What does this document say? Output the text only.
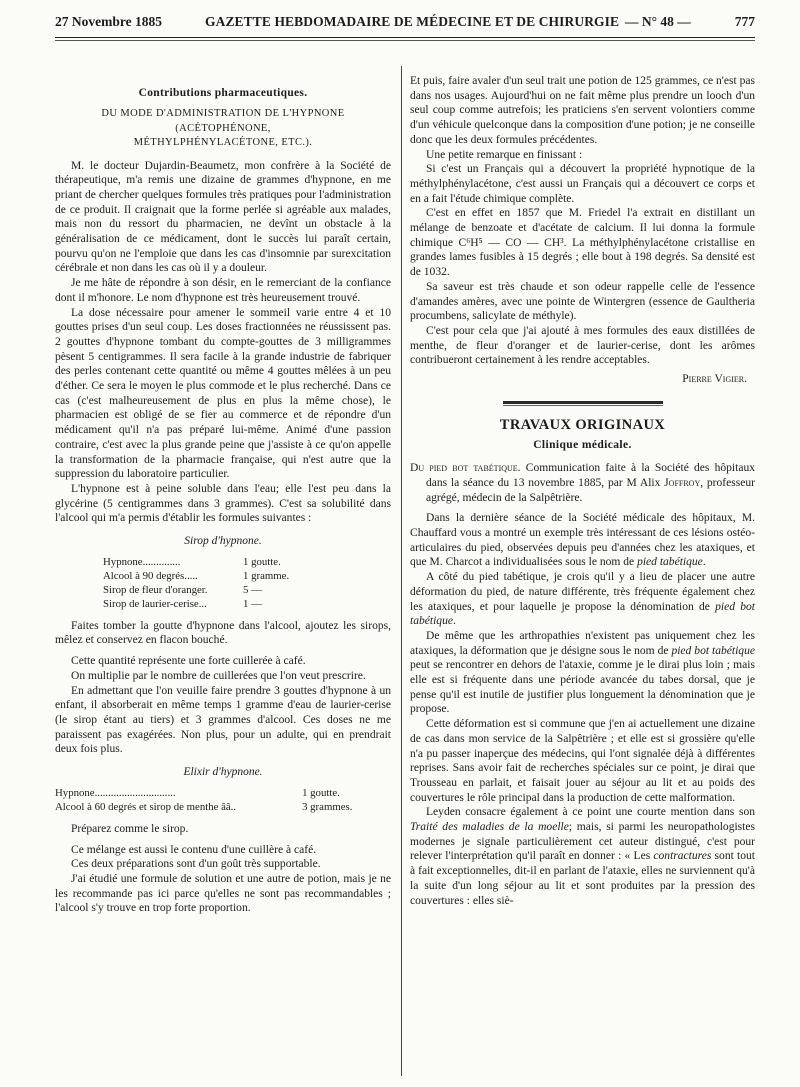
27 Novembre 1885	GAZETTE HEBDOMADAIRE DE MÉDECINE ET DE CHIRURGIE — N° 48 —	777
Contributions pharmaceutiques.
DU MODE D'ADMINISTRATION DE L'HYPNONE (ACÉTOPHÉNONE,
MÉTHYLPHÉNYLACÉTONE, ETC.).

M. le docteur Dujardin-Beaumetz, mon confrère à la Société de thérapeutique, m'a remis une dizaine de grammes d'hypnone, en me priant de chercher quelques formules très pratiques pour l'administration de ce produit. Il craignait que la forme perlée si agréable aux malades, mais non du ressort du pharmacien, ne devînt un obstacle à la généralisation de ce médicament, dont le succès lui paraît certain, pourvu qu'on ne l'emploie que dans les cas d'insomnie par surexcitation cérébrale et non dans les cas où il y a douleur.

Je me hâte de répondre à son désir, en le remerciant de la confiance dont il m'honore. Le nom d'hypnone est très heureusement trouvé.

La dose nécessaire pour amener le sommeil varie entre 4 et 10 gouttes prises d'un seul coup. Les doses fractionnées ne réussissent pas. 2 gouttes d'hypnone tombant du compte-gouttes de 3 milligrammes pèsent 5 centigrammes. Il sera facile à la grande industrie de fabriquer des perles contenant cette quantité ou même 4 gouttes mêlées à un peu d'éther. Ce sera le moyen le plus commode et le plus recherché. Dans ce cas (c'est malheureusement de plus en plus la même chose), le pharmacien est obligé de se fier au commerce et de répondre d'un médicament qu'il n'a pas préparé lui-même. Animé d'une passion contraire, c'est avec la plus grande peine que j'assiste à ce qu'on appelle la transformation de la pharmacie française, qui n'est autre que la suppression du laboratoire particulier.

L'hypnone est à peine soluble dans l'eau; elle l'est peu dans la glycérine (5 centigrammes dans 3 grammes). C'est sa solubilité dans l'alcool qui m'a permis d'établir les formules suivantes :

Sirop d'hypnone.
Hypnone..............	1 goutte.
Alcool à 90 degrés.....	1 gramme.
Sirop de fleur d'oranger.	5 —
Sirop de laurier-cerise...	1 —

Faites tomber la goutte d'hypnone dans l'alcool, ajoutez les sirops, mêlez et conservez en flacon bouché.

Cette quantité représente une forte cuillerée à café.

On multiplie par le nombre de cuillerées que l'on veut prescrire.

En admettant que l'on veuille faire prendre 3 gouttes d'hypnone à un enfant, il absorberait en même temps 1 gramme d'eau de laurier-cerise (le sirop étant au tiers) et 3 grammes d'alcool. Ces doses ne me paraissent pas exagérées. Non plus, pour un adulte, qui en prendrait deux fois plus.

Elixir d'hypnone.
Hypnone..............................	1 goutte.
Alcool à 60 degrés et sirop de menthe ââ..	3 grammes.

Préparez comme le sirop.

Ce mélange est aussi le contenu d'une cuillère à café.

Ces deux préparations sont d'un goût très supportable.

J'ai étudié une formule de solution et une autre de potion, mais je ne les recommande pas ici parce qu'elles ne sont pas recommandables ; l'alcool s'y trouve en trop forte proportion.

Et puis, faire avaler d'un seul trait une potion de 125 grammes, ce n'est pas dans nos usages. Aujourd'hui on ne fait même plus prendre un looch d'un seul coup comme autrefois; les praticiens s'en servent volontiers comme d'un véhicule quelconque dans la composition d'une potion; je ne conseille donc que les deux formules précédentes.

Une petite remarque en finissant :

Si c'est un Français qui a découvert la propriété hypnotique de la méthylphénylacétone, c'est aussi un Français qui a découvert ce corps et en a fait l'étude chimique complète.

C'est en effet en 1857 que M. Friedel l'a extrait en distillant un mélange de benzoate et d'acétate de calcium. Il lui donna la formule chimique C⁶H⁵ — CO — CH³. La méthylphénylacétone cristallise en grandes lames fusibles à 15 degrés ; elle bout à 198 degrés. Sa densité est de 1032.

Sa saveur est très chaude et son odeur rappelle celle de l'essence d'amandes amères, avec une pointe de Wintergren (essence de Gaultheria procumbens, salicylate de méthyle).

C'est pour cela que j'ai ajouté à mes formules des eaux distillées de menthe, de fleur d'oranger et de laurier-cerise, dont les arômes contribueront certainement à les rendre acceptables.

Pierre Vigier.

TRAVAUX ORIGINAUX
Clinique médicale.

Du pied bot tabétique. Communication faite à la Société des hôpitaux dans la séance du 13 novembre 1885, par M Alix Joffroy, professeur agrégé, médecin de la Salpêtrière.

Dans la dernière séance de la Société médicale des hôpitaux, M. Chauffard vous a montré un exemple très intéressant de ces lésions ostéo-articulaires du pied, observées depuis peu d'années chez les ataxiques, et que M. Charcot a individualisées sous le nom de pied tabétique.

A côté du pied tabétique, je crois qu'il y a lieu de placer une autre déformation du pied, de nature différente, très fréquente également chez les ataxiques, et pour laquelle je propose la dénomination de pied bot tabétique.

De même que les arthropathies n'existent pas uniquement chez les ataxiques, la déformation que je désigne sous le nom de pied bot tabétique peut se rencontrer en dehors de l'ataxie, comme je le dirai plus loin ; mais elle est si fréquente dans une période avancée du tabes dorsal, que je pense qu'il est inutile de justifier plus longuement la dénomination que je propose.

Cette déformation est si commune que j'en ai actuellement une dizaine de cas dans mon service de la Salpêtrière ; et elle est si grossière qu'elle n'a pu passer inaperçue des médecins, qui l'ont signalée déjà à différentes reprises. Sans avoir fait de recherches spéciales sur ce point, je dirai que Trousseau en parlait, et faisait jouer au séjour au lit et au poids des couvertures le rôle principal dans la production de cette malformation.

Leyden consacre également à ce point une courte mention dans son Traité des maladies de la moelle; mais, si parmi les neuropathologistes modernes je signale particulièrement cet auteur distingué, c'est pour relever l'interprétation qu'il paraît en donner : « Les contractures sont tout à fait exceptionnelles, dit-il en parlant de l'ataxie, elles ne surviennent qu'à la suite d'un long séjour au lit et sont produites par la pression des couvertures : elles siè-
